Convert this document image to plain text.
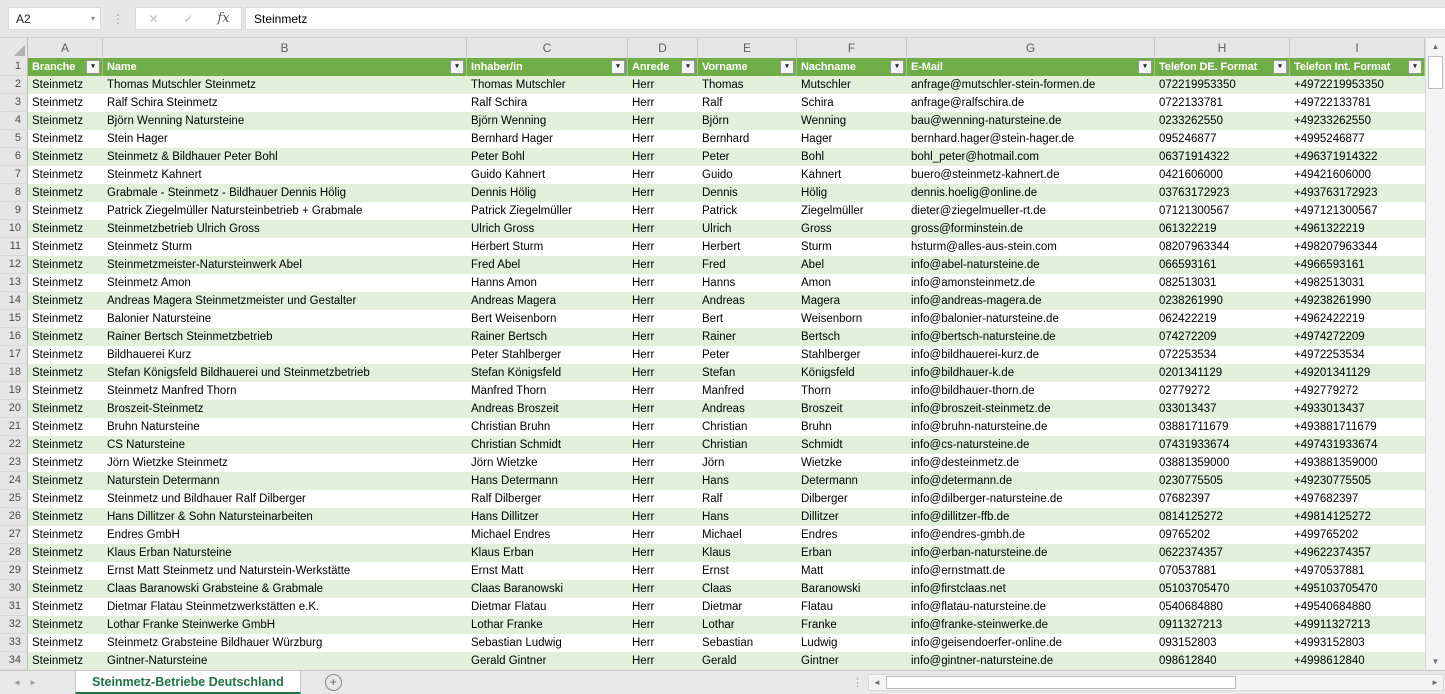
A2	▾	⋮	✕	✓	fx	Steinmetz
A	B	C	D	E	F	G	H	I
1	Branche	▾	Name	▾	Inhaber/in	▾	Anrede	▾	Vorname	▾	Nachname	▾	E-Mail	▾	Telefon DE. Format	▾	Telefon Int. Format	▾
2 Steinmetz	Thomas Mutschler Steinmetz	Thomas Mutschler	Herr	Thomas	Mutschler	anfrage@mutschler-stein-formen.de	072219953350	+4972219953350
3 Steinmetz	Ralf Schira Steinmetz	Ralf Schira	Herr	Ralf	Schira	anfrage@ralfschira.de	0722133781	+49722133781
4 Steinmetz	Björn Wenning Natursteine	Björn Wenning	Herr	Björn	Wenning	bau@wenning-natursteine.de	0233262550	+49233262550
5 Steinmetz	Stein Hager	Bernhard Hager	Herr	Bernhard	Hager	bernhard.hager@stein-hager.de	095246877	+4995246877
6 Steinmetz	Steinmetz & Bildhauer Peter Bohl	Peter Bohl	Herr	Peter	Bohl	bohl_peter@hotmail.com	06371914322	+496371914322
7 Steinmetz	Steinmetz Kahnert	Guido Kahnert	Herr	Guido	Kahnert	buero@steinmetz-kahnert.de	0421606000	+49421606000
8 Steinmetz	Grabmale - Steinmetz - Bildhauer Dennis Hölig	Dennis Hölig	Herr	Dennis	Hölig	dennis.hoelig@online.de	03763172923	+493763172923
9 Steinmetz	Patrick Ziegelmüller Natursteinbetrieb + Grabmale	Patrick Ziegelmüller	Herr	Patrick	Ziegelmüller	dieter@ziegelmueller-rt.de	07121300567	+497121300567
10 Steinmetz	Steinmetzbetrieb Ulrich Gross	Ulrich Gross	Herr	Ulrich	Gross	gross@forminstein.de	061322219	+4961322219
11 Steinmetz	Steinmetz Sturm	Herbert Sturm	Herr	Herbert	Sturm	hsturm@alles-aus-stein.com	08207963344	+498207963344
12 Steinmetz	Steinmetzmeister-Natursteinwerk Abel	Fred Abel	Herr	Fred	Abel	info@abel-natursteine.de	066593161	+4966593161
13 Steinmetz	Steinmetz Amon	Hanns Amon	Herr	Hanns	Amon	info@amonsteinmetz.de	082513031	+4982513031
14 Steinmetz	Andreas Magera Steinmetzmeister und Gestalter	Andreas Magera	Herr	Andreas	Magera	info@andreas-magera.de	0238261990	+49238261990
15 Steinmetz	Balonier Natursteine	Bert Weisenborn	Herr	Bert	Weisenborn	info@balonier-natursteine.de	062422219	+4962422219
16 Steinmetz	Rainer Bertsch Steinmetzbetrieb	Rainer Bertsch	Herr	Rainer	Bertsch	info@bertsch-natursteine.de	074272209	+4974272209
17 Steinmetz	Bildhauerei Kurz	Peter Stahlberger	Herr	Peter	Stahlberger	info@bildhauerei-kurz.de	072253534	+4972253534
18 Steinmetz	Stefan Königsfeld Bildhauerei und Steinmetzbetrieb	Stefan Königsfeld	Herr	Stefan	Königsfeld	info@bildhauer-k.de	0201341129	+49201341129
19 Steinmetz	Steinmetz Manfred Thorn	Manfred Thorn	Herr	Manfred	Thorn	info@bildhauer-thorn.de	02779272	+492779272
20 Steinmetz	Broszeit-Steinmetz	Andreas Broszeit	Herr	Andreas	Broszeit	info@broszeit-steinmetz.de	033013437	+4933013437
21 Steinmetz	Bruhn Natursteine	Christian Bruhn	Herr	Christian	Bruhn	info@bruhn-natursteine.de	03881711679	+493881711679
22 Steinmetz	CS Natursteine	Christian Schmidt	Herr	Christian	Schmidt	info@cs-natursteine.de	07431933674	+497431933674
23 Steinmetz	Jörn Wietzke Steinmetz	Jörn Wietzke	Herr	Jörn	Wietzke	info@desteinmetz.de	03881359000	+493881359000
24 Steinmetz	Naturstein Determann	Hans Determann	Herr	Hans	Determann	info@determann.de	0230775505	+49230775505
25 Steinmetz	Steinmetz und Bildhauer Ralf Dilberger	Ralf Dilberger	Herr	Ralf	Dilberger	info@dilberger-natursteine.de	07682397	+497682397
26 Steinmetz	Hans Dillitzer & Sohn Natursteinarbeiten	Hans Dillitzer	Herr	Hans	Dillitzer	info@dillitzer-ffb.de	0814125272	+49814125272
27 Steinmetz	Endres GmbH	Michael Endres	Herr	Michael	Endres	info@endres-gmbh.de	09765202	+499765202
28 Steinmetz	Klaus Erban Natursteine	Klaus Erban	Herr	Klaus	Erban	info@erban-natursteine.de	0622374357	+49622374357
29 Steinmetz	Ernst Matt Steinmetz und Naturstein-Werkstätte	Ernst Matt	Herr	Ernst	Matt	info@ernstmatt.de	070537881	+4970537881
30 Steinmetz	Claas Baranowski Grabsteine & Grabmale	Claas Baranowski	Herr	Claas	Baranowski	info@firstclaas.net	05103705470	+495103705470
31 Steinmetz	Dietmar Flatau Steinmetzwerkstätten e.K.	Dietmar Flatau	Herr	Dietmar	Flatau	info@flatau-natursteine.de	0540684880	+49540684880
32 Steinmetz	Lothar Franke Steinwerke GmbH	Lothar Franke	Herr	Lothar	Franke	info@franke-steinwerke.de	0911327213	+49911327213
33 Steinmetz	Steinmetz Grabsteine Bildhauer Würzburg	Sebastian Ludwig	Herr	Sebastian	Ludwig	info@geisendoerfer-online.de	093152803	+4993152803
34 Steinmetz	Gintner-Natursteine	Gerald Gintner	Herr	Gerald	Gintner	info@gintner-natursteine.de	098612840	+4998612840
▲
▼
◄	►	Steinmetz-Betriebe Deutschland	+	⋮	◄	►
